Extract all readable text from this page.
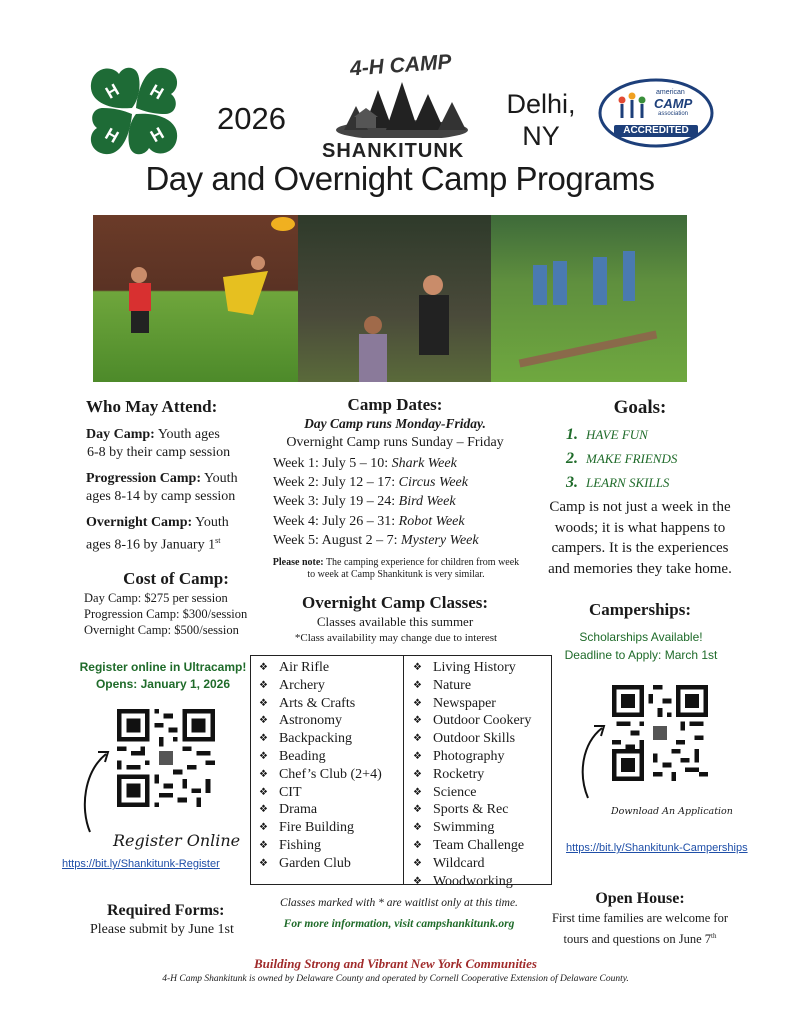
H H
H H 2026
4-H CAMP
SHANKITUNK
Delhi,
NY
american
CAMP
association
ACCREDITED
Day and Overnight Camp Programs
Who May Attend:
Day Camp: Youth ages
6-8 by their camp session
Progression Camp: Youth
ages 8-14 by camp session
Overnight Camp: Youth
ages 8-16 by January 1st
Cost of Camp:
Day Camp: $275 per session
Progression Camp: $300/session
Overnight Camp: $500/session
Register online in Ultracamp!
Opens: January 1, 2026
Register Online
https://bit.ly/Shankitunk-Register
Required Forms:
Please submit by June 1st
Camp Dates:
Day Camp runs Monday-Friday.
Overnight Camp runs Sunday – Friday
Week 1: July 5 – 10: Shark Week
Week 2: July 12 – 17: Circus Week
Week 3: July 19 – 24: Bird Week
Week 4: July 26 – 31: Robot Week
Week 5: August 2 – 7: Mystery Week
Please note: The camping experience for children from week to week at Camp Shankitunk is very similar.
Overnight Camp Classes:
Classes available this summer
*Class availability may change due to interest
❖ Air Rifle
❖ Archery
❖ Arts & Crafts
❖ Astronomy
❖ Backpacking
❖ Beading
❖ Chef’s Club (2+4)
❖ CIT
❖ Drama
❖ Fire Building
❖ Fishing
❖ Garden Club
❖ Living History
❖ Nature
❖ Newspaper
❖ Outdoor Cookery
❖ Outdoor Skills
❖ Photography
❖ Rocketry
❖ Science
❖ Sports & Rec
❖ Swimming
❖ Team Challenge
❖ Wildcard
❖ Woodworking
Classes marked with * are waitlist only at this time.
For more information, visit campshankitunk.org
Goals:
1. HAVE FUN
2. MAKE FRIENDS
3. LEARN SKILLS
Camp is not just a week in the woods; it is what happens to campers. It is the experiences and memories they take home.
Camperships:
Scholarships Available!
Deadline to Apply: March 1st
Download An Application
https://bit.ly/Shankitunk-Camperships
Open House:
First time families are welcome for
tours and questions on June 7th
Building Strong and Vibrant New York Communities
4-H Camp Shankitunk is owned by Delaware County and operated by Cornell Cooperative Extension of Delaware County.
